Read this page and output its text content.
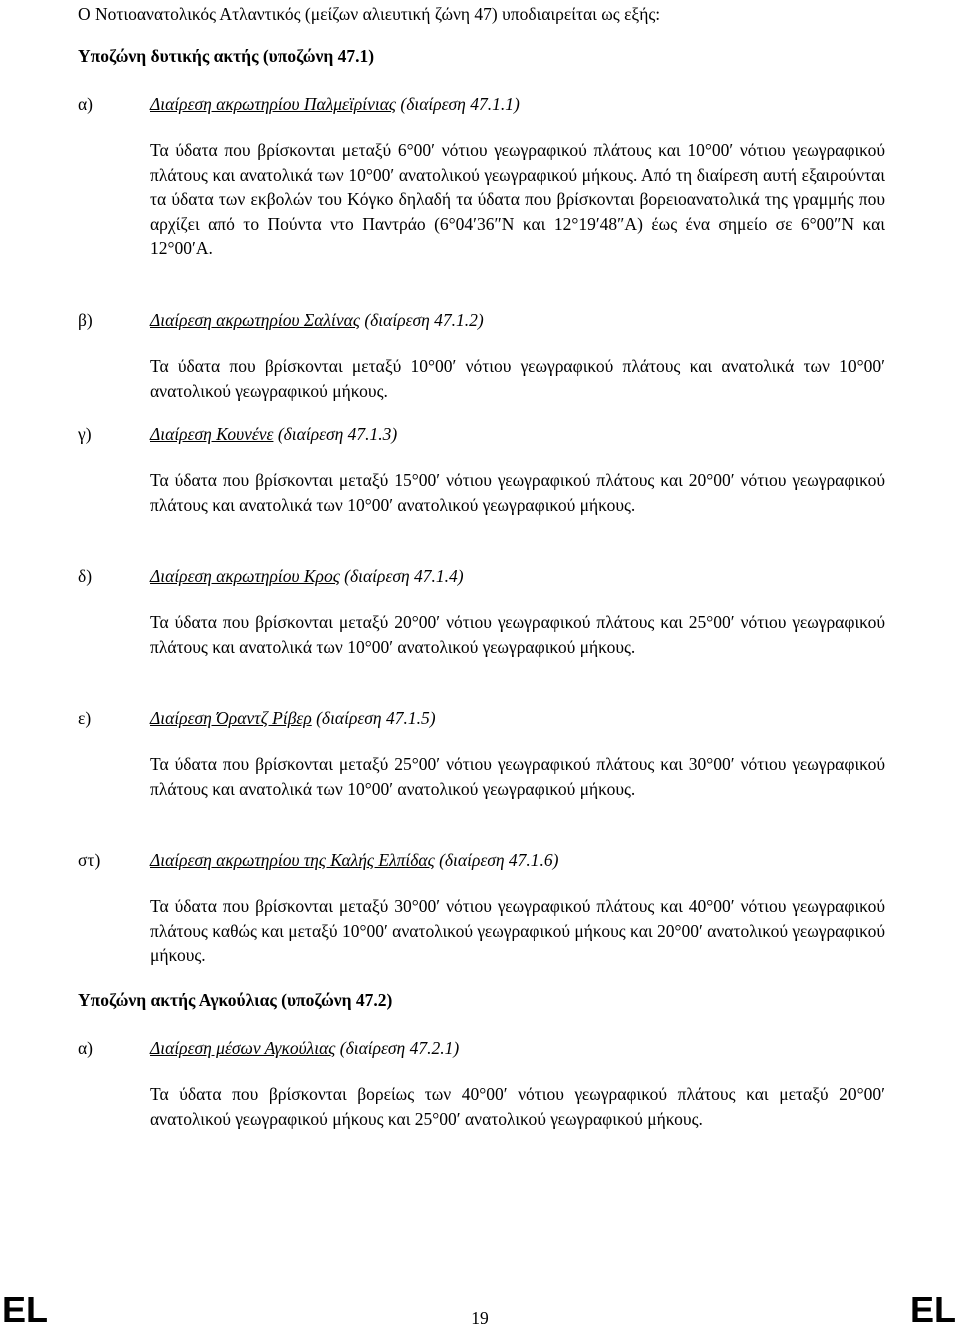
Ο Νοτιοανατολικός Ατλαντικός (μείζων αλιευτική ζώνη 47) υποδιαιρείται ως εξής:
Υποζώνη δυτικής ακτής (υποζώνη 47.1)
α)	Διαίρεση ακρωτηρίου Παλμεϊρίνιας (διαίρεση 47.1.1)
Τα ύδατα που βρίσκονται μεταξύ 6°00′ νότιου γεωγραφικού πλάτους και 10°00′ νότιου γεωγραφικού πλάτους και ανατολικά των 10°00′ ανατολικού γεωγραφικού μήκους. Από τη διαίρεση αυτή εξαιρούνται τα ύδατα των εκβολών του Κόγκο δηλαδή τα ύδατα που βρίσκονται βορειοανατολικά της γραμμής που αρχίζει από το Πούντα ντο Παντράο (6°04′36″Ν και 12°19′48″Α) έως ένα σημείο σε 6°00″Ν και 12°00′Α.
β)	Διαίρεση ακρωτηρίου Σαλίνας (διαίρεση 47.1.2)
Τα ύδατα που βρίσκονται μεταξύ 10°00′ νότιου γεωγραφικού πλάτους και ανατολικά των 10°00′ ανατολικού γεωγραφικού μήκους.
γ)	Διαίρεση Κουνένε (διαίρεση 47.1.3)
Τα ύδατα που βρίσκονται μεταξύ 15°00′ νότιου γεωγραφικού πλάτους και 20°00′ νότιου γεωγραφικού πλάτους και ανατολικά των 10°00′ ανατολικού γεωγραφικού μήκους.
δ)	Διαίρεση ακρωτηρίου Κρος (διαίρεση 47.1.4)
Τα ύδατα που βρίσκονται μεταξύ 20°00′ νότιου γεωγραφικού πλάτους και 25°00′ νότιου γεωγραφικού πλάτους και ανατολικά των 10°00′ ανατολικού γεωγραφικού μήκους.
ε)	Διαίρεση Όραντζ Ρίβερ (διαίρεση 47.1.5)
Τα ύδατα που βρίσκονται μεταξύ 25°00′ νότιου γεωγραφικού πλάτους και 30°00′ νότιου γεωγραφικού πλάτους και ανατολικά των 10°00′ ανατολικού γεωγραφικού μήκους.
στ)	Διαίρεση ακρωτηρίου της Καλής Ελπίδας (διαίρεση 47.1.6)
Τα ύδατα που βρίσκονται μεταξύ 30°00′ νότιου γεωγραφικού πλάτους και 40°00′ νότιου γεωγραφικού πλάτους καθώς και μεταξύ 10°00′ ανατολικού γεωγραφικού μήκους και 20°00′ ανατολικού γεωγραφικού μήκους.
Υποζώνη ακτής Αγκούλιας (υποζώνη 47.2)
α)	Διαίρεση μέσων Αγκούλιας (διαίρεση 47.2.1)
Τα ύδατα που βρίσκονται βορείως των 40°00′ νότιου γεωγραφικού πλάτους και μεταξύ 20°00′ ανατολικού γεωγραφικού μήκους και 25°00′ ανατολικού γεωγραφικού μήκους.
EL	19	EL
